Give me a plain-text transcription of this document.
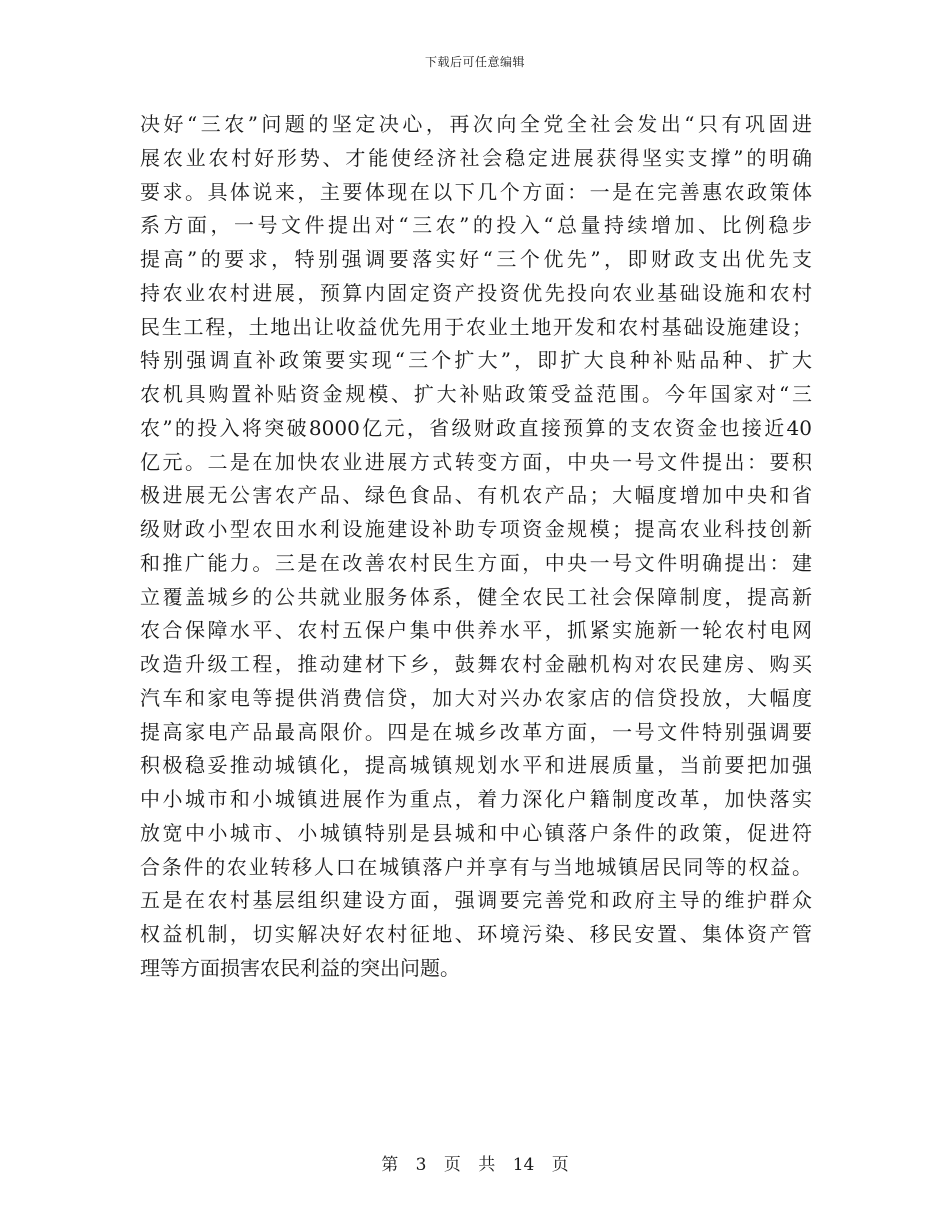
下载后可任意编辑
决好“三农”问题的坚定决心，再次向全党全社会发出“只有巩固进
展农业农村好形势、才能使经济社会稳定进展获得坚实支撑”的明确
要求。具体说来，主要体现在以下几个方面：一是在完善惠农政策体
系方面，一号文件提出对“三农”的投入“总量持续增加、比例稳步
提高”的要求，特别强调要落实好“三个优先”，即财政支出优先支
持农业农村进展，预算内固定资产投资优先投向农业基础设施和农村
民生工程，土地出让收益优先用于农业土地开发和农村基础设施建设；
特别强调直补政策要实现“三个扩大”，即扩大良种补贴品种、扩大
农机具购置补贴资金规模、扩大补贴政策受益范围。今年国家对“三
农”的投入将突破8000亿元，省级财政直接预算的支农资金也接近40
亿元。二是在加快农业进展方式转变方面，中央一号文件提出：要积
极进展无公害农产品、绿色食品、有机农产品；大幅度增加中央和省
级财政小型农田水利设施建设补助专项资金规模；提高农业科技创新
和推广能力。三是在改善农村民生方面，中央一号文件明确提出：建
立覆盖城乡的公共就业服务体系，健全农民工社会保障制度，提高新
农合保障水平、农村五保户集中供养水平，抓紧实施新一轮农村电网
改造升级工程，推动建材下乡，鼓舞农村金融机构对农民建房、购买
汽车和家电等提供消费信贷，加大对兴办农家店的信贷投放，大幅度
提高家电产品最高限价。四是在城乡改革方面，一号文件特别强调要
积极稳妥推动城镇化，提高城镇规划水平和进展质量，当前要把加强
中小城市和小城镇进展作为重点，着力深化户籍制度改革，加快落实
放宽中小城市、小城镇特别是县城和中心镇落户条件的政策，促进符
合条件的农业转移人口在城镇落户并享有与当地城镇居民同等的权益。
五是在农村基层组织建设方面，强调要完善党和政府主导的维护群众
权益机制，切实解决好农村征地、环境污染、移民安置、集体资产管
理等方面损害农民利益的突出问题。
第 3 页 共 14 页
